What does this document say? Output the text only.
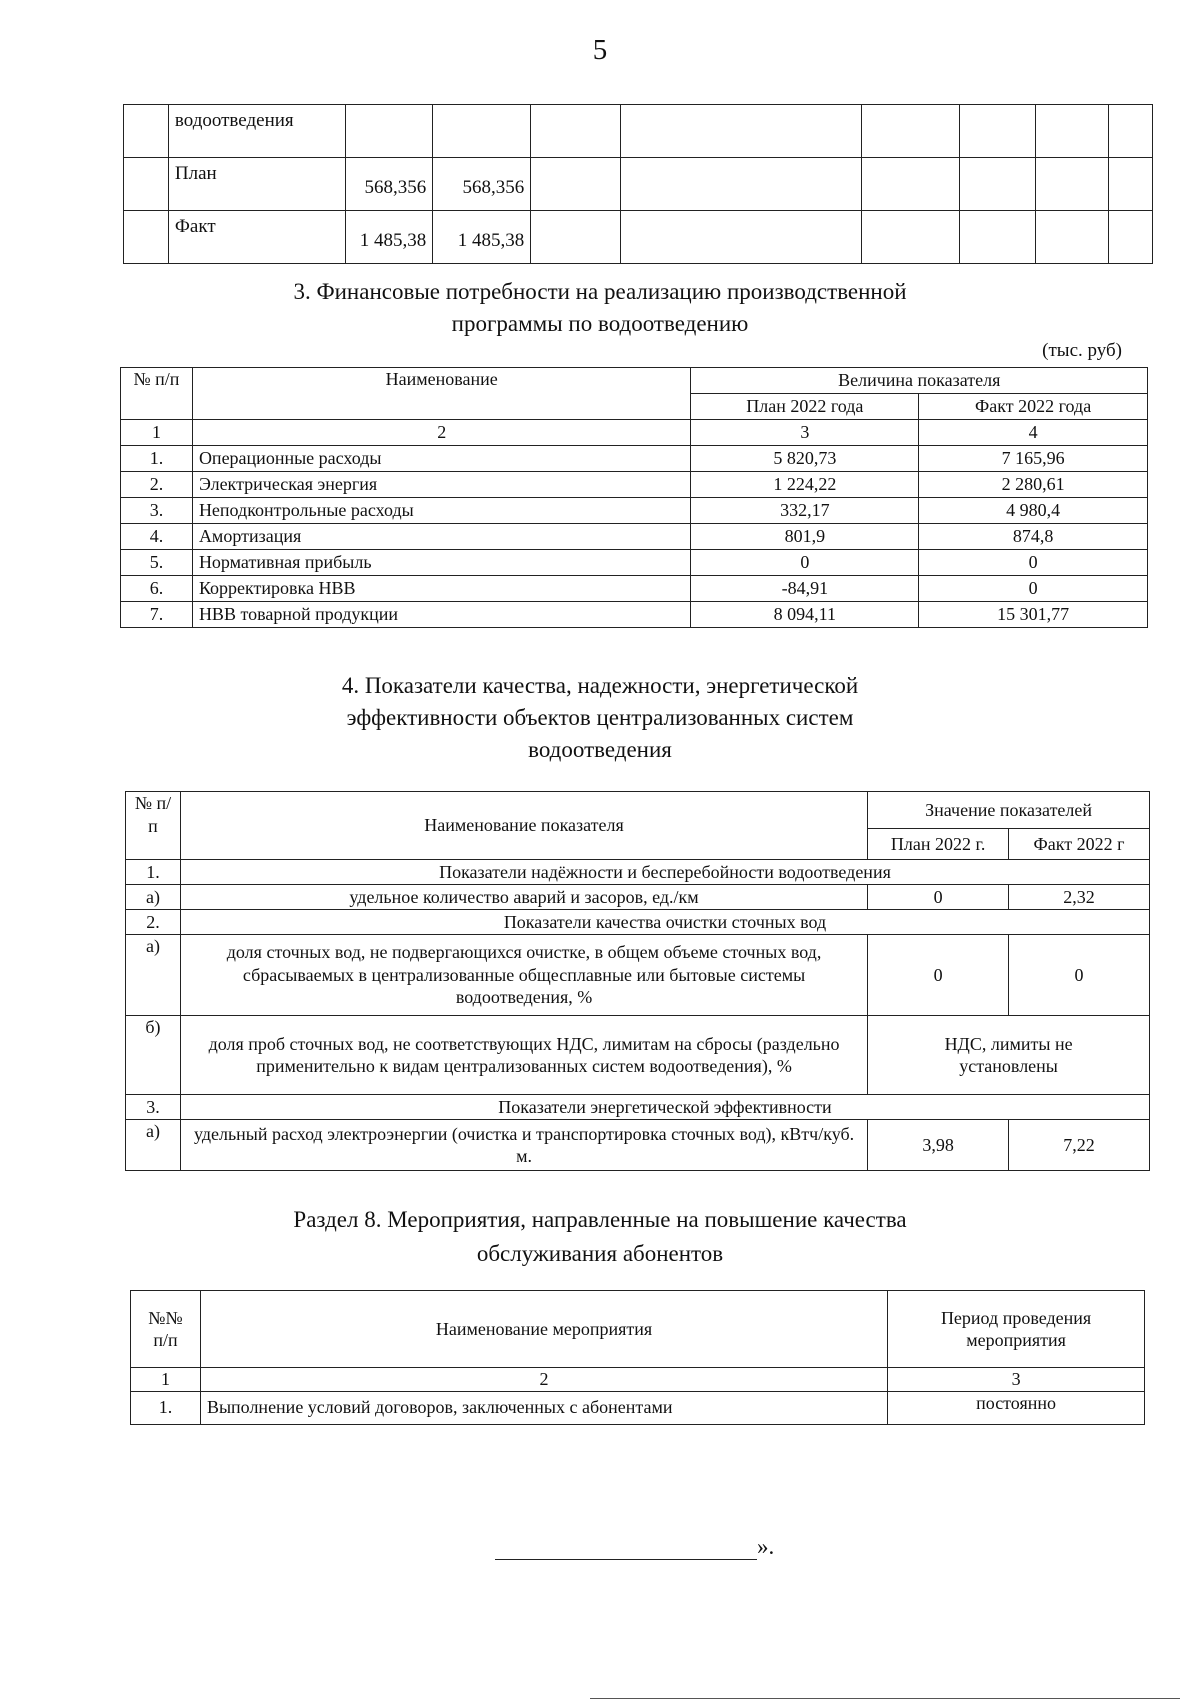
5
	водоотведения								
	План	568,356	568,356						
	Факт	1 485,38	1 485,38						
3. Финансовые потребности на реализацию производственной
программы по водоотведению
(тыс. руб)
№ п/п	Наименование	Величина показателя	
		План 2022 года	Факт 2022 года
1	2	3	4
1.	Операционные расходы	5 820,73	7 165,96
2.	Электрическая энергия	1 224,22	2 280,61
3.	Неподконтрольные расходы	332,17	4 980,4
4.	Амортизация	801,9	874,8
5.	Нормативная прибыль	0	0
6.	Корректировка НВВ	-84,91	0
7.	НВВ товарной продукции	8 094,11	15 301,77
4. Показатели качества, надежности, энергетической
эффективности объектов централизованных систем
водоотведения
№ п/п	Наименование показателя	Значение показателей	
		План 2022 г.	Факт 2022 г
1.	Показатели надёжности и бесперебойности водоотведения		
а)	удельное количество аварий и засоров, ед./км	0	2,32
2.	Показатели качества очистки сточных вод		
а)	доля сточных вод, не подвергающихся очистке, в общем объеме сточных вод, сбрасываемых в централизованные общесплавные или бытовые системы водоотведения, %	0	0
б)	доля проб сточных вод, не соответствующих НДС, лимитам на сбросы (раздельно применительно к видам централизованных систем водоотведения), %	НДС, лимиты не установлены	
3.	Показатели энергетической эффективности		
а)	удельный расход электроэнергии (очистка и транспортировка сточных вод), кВтч/куб. м.	3,98	7,22
Раздел 8. Мероприятия, направленные на повышение качества
обслуживания абонентов
№№ п/п	Наименование мероприятия	Период проведения мероприятия
1	2	3
1.	Выполнение условий договоров, заключенных с абонентами	постоянно
».
